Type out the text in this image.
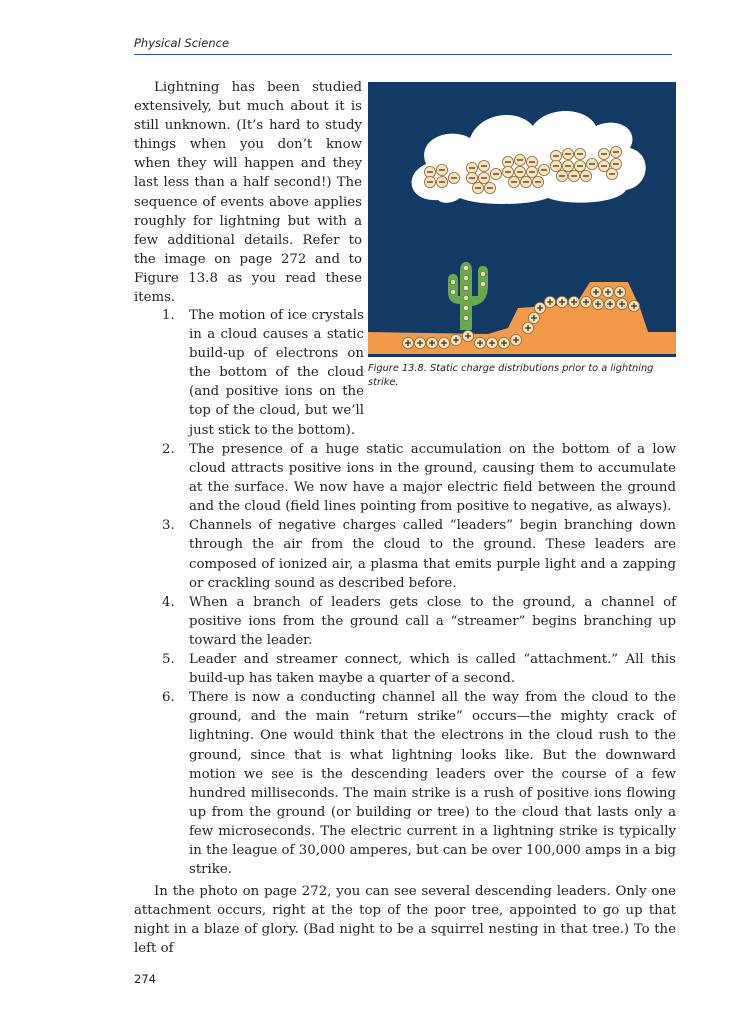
Physical Science

Lightning has been studied extensively, but much about it is still unknown. (It’s hard to study things when you don’t know when they will happen and they last less than a half second!) The sequence of events above applies roughly for lightning but with a few additional details. Refer to the image on page 272 and to Figure 13.8 as you read these items.

Figure 13.8. Static charge distributions prior to a lightning strike.
1.	The motion of ice crystals in a cloud causes a static build-up of electrons on the bottom of the cloud (and positive ions on the top of the cloud, but we’ll just stick to the bottom).
2.	The presence of a huge static accumulation on the bottom of a low cloud attracts positive ions in the ground, causing them to accumulate at the surface. We now have a major electric field between the ground and the cloud (field lines pointing from positive to negative, as always).
3.	Channels of negative charges called “leaders” begin branching down through the air from the cloud to the ground. These leaders are composed of ionized air, a plasma that emits purple light and a zapping or crackling sound as described before.
4.	When a branch of leaders gets close to the ground, a channel of positive ions from the ground call a “streamer” begins branching up toward the leader.
5.	Leader and streamer connect, which is called “attachment.” All this build-up has taken maybe a quarter of a second.
6.	There is now a conducting channel all the way from the cloud to the ground, and the main “return strike” occurs—the mighty crack of lightning. One would think that the electrons in the cloud rush to the ground, since that is what lightning looks like. But the downward motion we see is the descending leaders over the course of a few hundred milliseconds. The main strike is a rush of positive ions flowing up from the ground (or building or tree) to the cloud that lasts only a few microseconds. The electric current in a lightning strike is typically in the league of 30,000 amperes, but can be over 100,000 amps in a big strike.

In the photo on page 272, you can see several descending leaders. Only one attachment occurs, right at the top of the poor tree, appointed to go up that night in a blaze of glory. (Bad night to be a squirrel nesting in that tree.) To the left of

274
